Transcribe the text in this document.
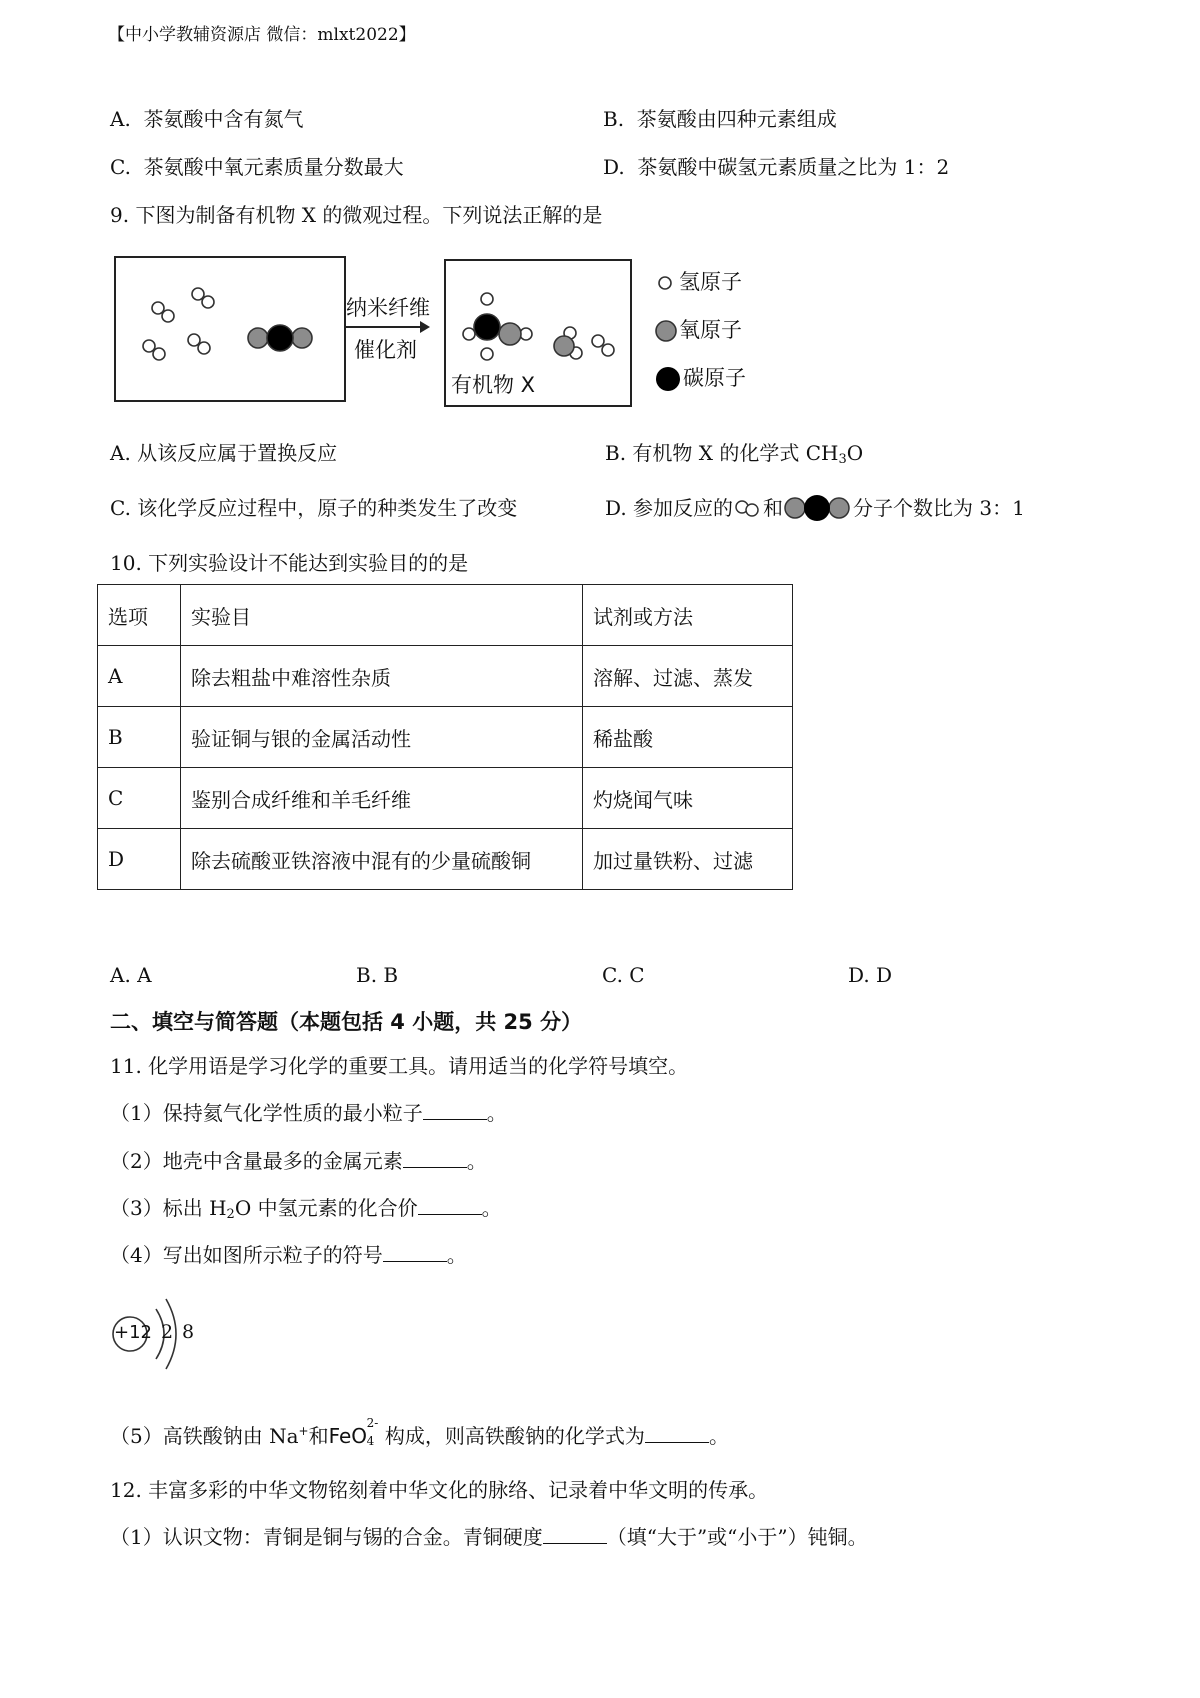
【中小学教辅资源店 微信：mlxt2022】
A. 茶氨酸中含有氮气	B. 茶氨酸由四种元素组成
C. 茶氨酸中氧元素质量分数最大	D. 茶氨酸中碳氢元素质量之比为 1：2
9. 下图为制备有机物 X 的微观过程。下列说法正解的是
纳米纤维
催化剂
有机物 X
氢原子
氧原子
碳原子
A. 从该反应属于置换反应	B. 有机物 X 的化学式 $CH_3O$
C. 该化学反应过程中，原子的种类发生了改变	D. 参加反应的 和	分子个数比为 3：1
10. 下列实验设计不能达到实验目的的是
选项	实验目	试剂或方法
A	除去粗盐中难溶性杂质	溶解、过滤、蒸发
B	验证铜与银的金属活动性	稀盐酸
C	鉴别合成纤维和羊毛纤维	灼烧闻气味
D	除去硫酸亚铁溶液中混有的少量硫酸铜	加过量铁粉、过滤
A. A	B. B	C. C	D. D
二、填空与简答题（本题包括 4 小题，共 25 分）
11. 化学用语是学习化学的重要工具。请用适当的化学符号填空。
（1）保持氦气化学性质的最小粒子	。
（2）地壳中含量最多的金属元素	。
（3）标出 $H_2O$ 中氢元素的化合价	。
（4）写出如图所示粒子的符号	。
+12 2 8
（5）高铁酸钠由 Na+和FeO
2-
4 构成，则高铁酸钠的化学式为	。
12. 丰富多彩的中华文物铭刻着中华文化的脉络、记录着中华文明的传承。
（1）认识文物：青铜是铜与锡的合金。青铜硬度	（填“大于”或“小于”）钝铜。
